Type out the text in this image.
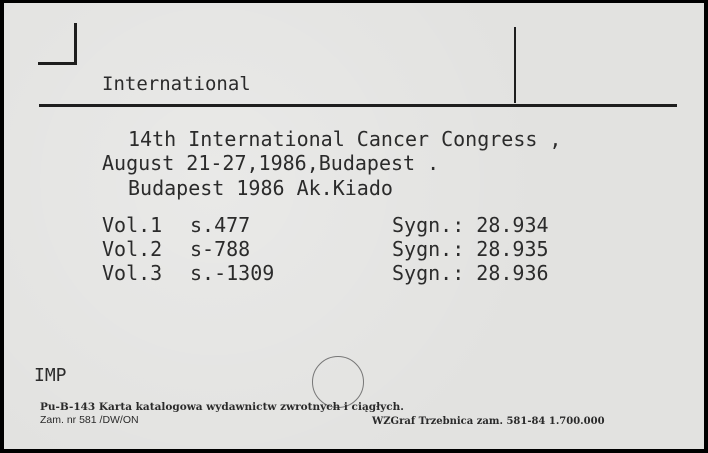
International
14th International Cancer Congress ,
August 21-27,1986,Budapest .
Budapest 1986 Ak.Kiado
Vol.1 s.477	Sygn.: 28.934
Vol.2 s-788	Sygn.: 28.935
Vol.3 s.-1309	Sygn.: 28.936
IMP
Pu-B-143 Karta katalogowa wydawnictw zwrotnych i ciągłych.
Zam. nr 581 /DW/ON	WZGraf Trzebnica zam. 581-84 1.700.000
